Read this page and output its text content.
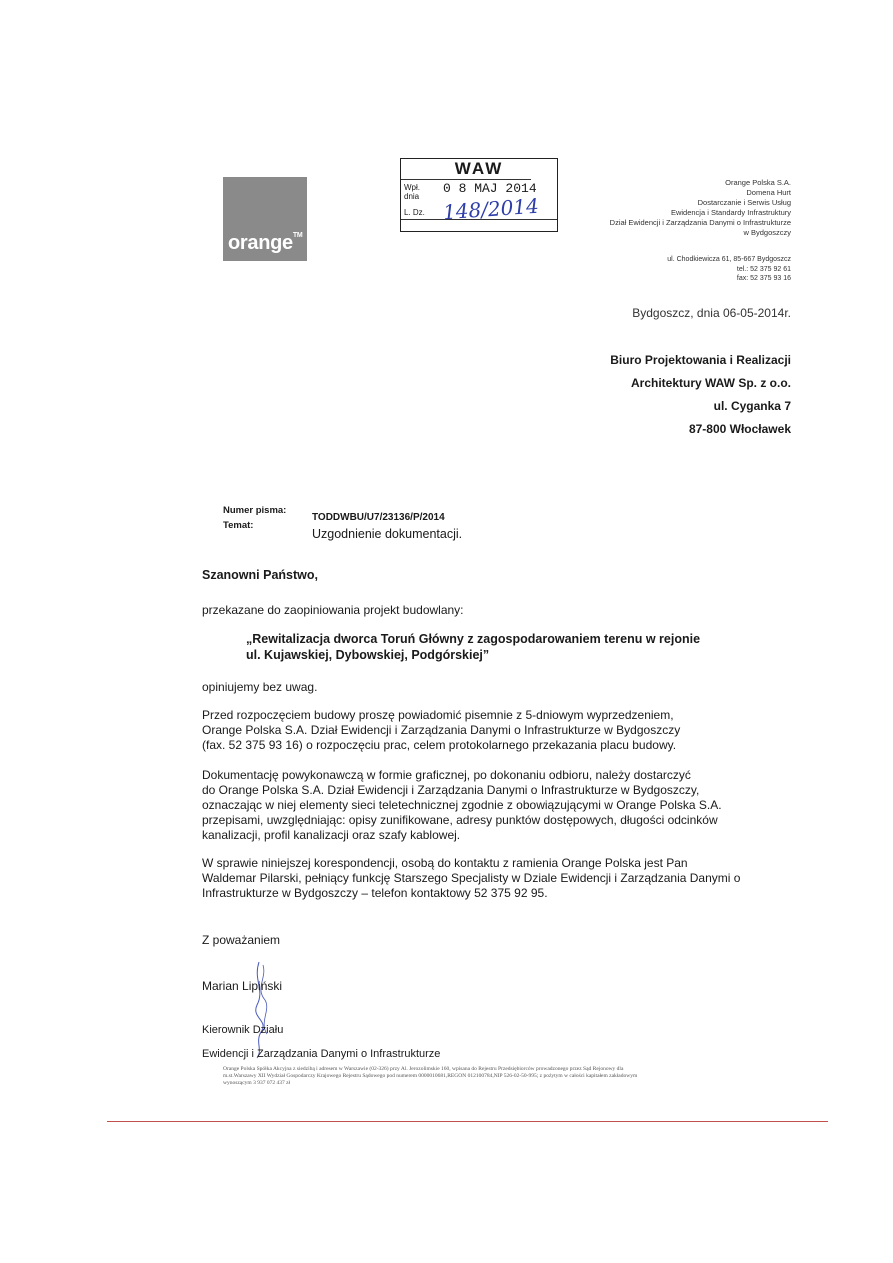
orange™
WAW
Wpł.
dnia
0 8 MAJ 2014
L. Dz. 148/2014
Orange Polska S.A.
Domena Hurt
Dostarczanie i Serwis Usług
Ewidencja i Standardy Infrastruktury
Dział Ewidencji i Zarządzania Danymi o Infrastrukturze
w Bydgoszczy
ul. Chodkiewicza 61, 85-667 Bydgoszcz
tel.: 52 375 92 61
fax: 52 375 93 16
Bydgoszcz, dnia 06-05-2014r.
Biuro Projektowania i Realizacji
Architektury WAW Sp. z o.o.
ul. Cyganka 7
87-800 Włocławek
Numer pisma:
Temat:
TODDWBU/U7/23136/P/2014
Uzgodnienie dokumentacji.
Szanowni Państwo,
przekazane do zaopiniowania projekt budowlany:
„Rewitalizacja dworca Toruń Główny z zagospodarowaniem terenu w rejonie
ul. Kujawskiej, Dybowskiej, Podgórskiej”
opiniujemy bez uwag.
Przed rozpoczęciem budowy proszę powiadomić pisemnie z 5-dniowym wyprzedzeniem,
Orange Polska S.A. Dział Ewidencji i Zarządzania Danymi o Infrastrukturze w Bydgoszczy
(fax. 52 375 93 16) o rozpoczęciu prac, celem protokolarnego przekazania placu budowy.
Dokumentację powykonawczą w formie graficznej, po dokonaniu odbioru, należy dostarczyć
do Orange Polska S.A. Dział Ewidencji i Zarządzania Danymi o Infrastrukturze w Bydgoszczy,
oznaczając w niej elementy sieci teletechnicznej zgodnie z obowiązującymi w Orange Polska S.A.
przepisami, uwzględniając: opisy zunifikowane, adresy punktów dostępowych, długości odcinków
kanalizacji, profil kanalizacji oraz szafy kablowej.
W sprawie niniejszej korespondencji, osobą do kontaktu z ramienia Orange Polska jest Pan
Waldemar Pilarski, pełniący funkcję Starszego Specjalisty w Dziale Ewidencji i Zarządzania Danymi o
Infrastrukturze w Bydgoszczy – telefon kontaktowy 52 375 92 95.
Z poważaniem
Marian Lipiński
Kierownik Działu
Ewidencji i Zarządzania Danymi o Infrastrukturze
Orange Polska Spółka Akcyjna z siedzibą i adresem w Warszawie (02-326) przy Al. Jerozolimskie 160, wpisana do Rejestru Przedsiębiorców prowadzonego przez Sąd Rejonowy dla
m.st.Warszawy XII Wydział Gospodarczy Krajowego Rejestru Sądowego pod numerem 0000010681,REGON 012100784,NIP 526-02-50-995; z pożytym w całości kapitałem zakładowym
wynoszącym 3 937 072 437 zł
